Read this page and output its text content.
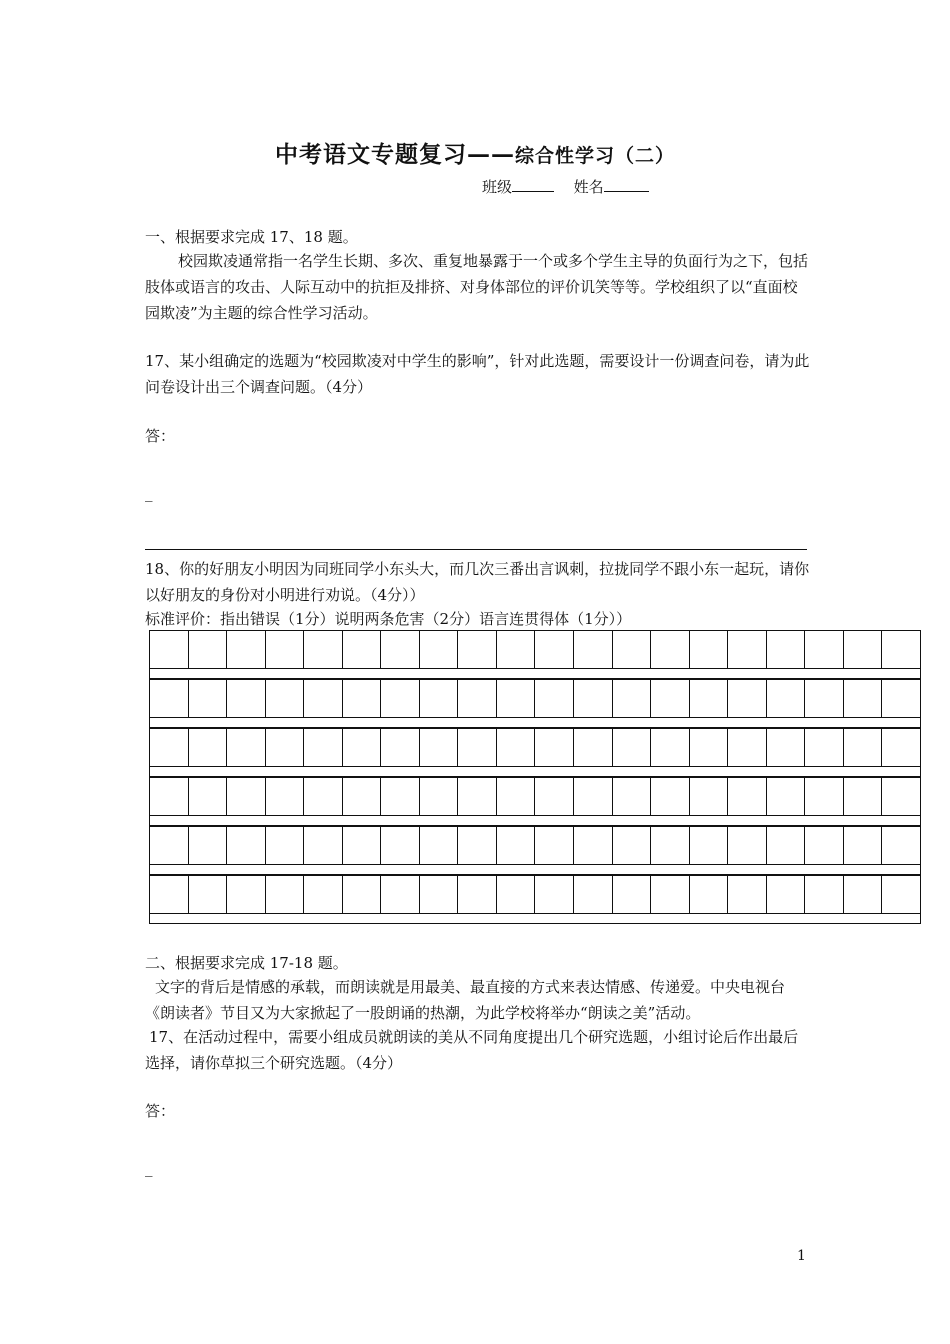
中考语文专题复习——综合性学习（二）
班级	姓名
一、根据要求完成 17、18 题。
校园欺凌通常指一名学生长期、多次、重复地暴露于一个或多个学生主导的负面行为之下，包括肢体或语言的攻击、人际互动中的抗拒及排挤、对身体部位的评价讥笑等等。学校组织了以“直面校园欺凌”为主题的综合性学习活动。
17、某小组确定的选题为“校园欺凌对中学生的影响”，针对此选题，需要设计一份调查问卷，请为此问卷设计出三个调查问题。（4分）
答：
_
18、你的好朋友小明因为同班同学小东头大，而几次三番出言讽刺，拉拢同学不跟小东一起玩，请你以好朋友的身份对小明进行劝说。（4分））
标准评价：指出错误（1分）说明两条危害（2分）语言连贯得体（1分））
二、根据要求完成 17-18 题。
文字的背后是情感的承载，而朗读就是用最美、最直接的方式来表达情感、传递爱。中央电视台《朗读者》节目又为大家掀起了一股朗诵的热潮，为此学校将举办“朗读之美”活动。
17、在活动过程中，需要小组成员就朗读的美从不同角度提出几个研究选题，小组讨论后作出最后选择，请你草拟三个研究选题。（4分）
答：
_
1
